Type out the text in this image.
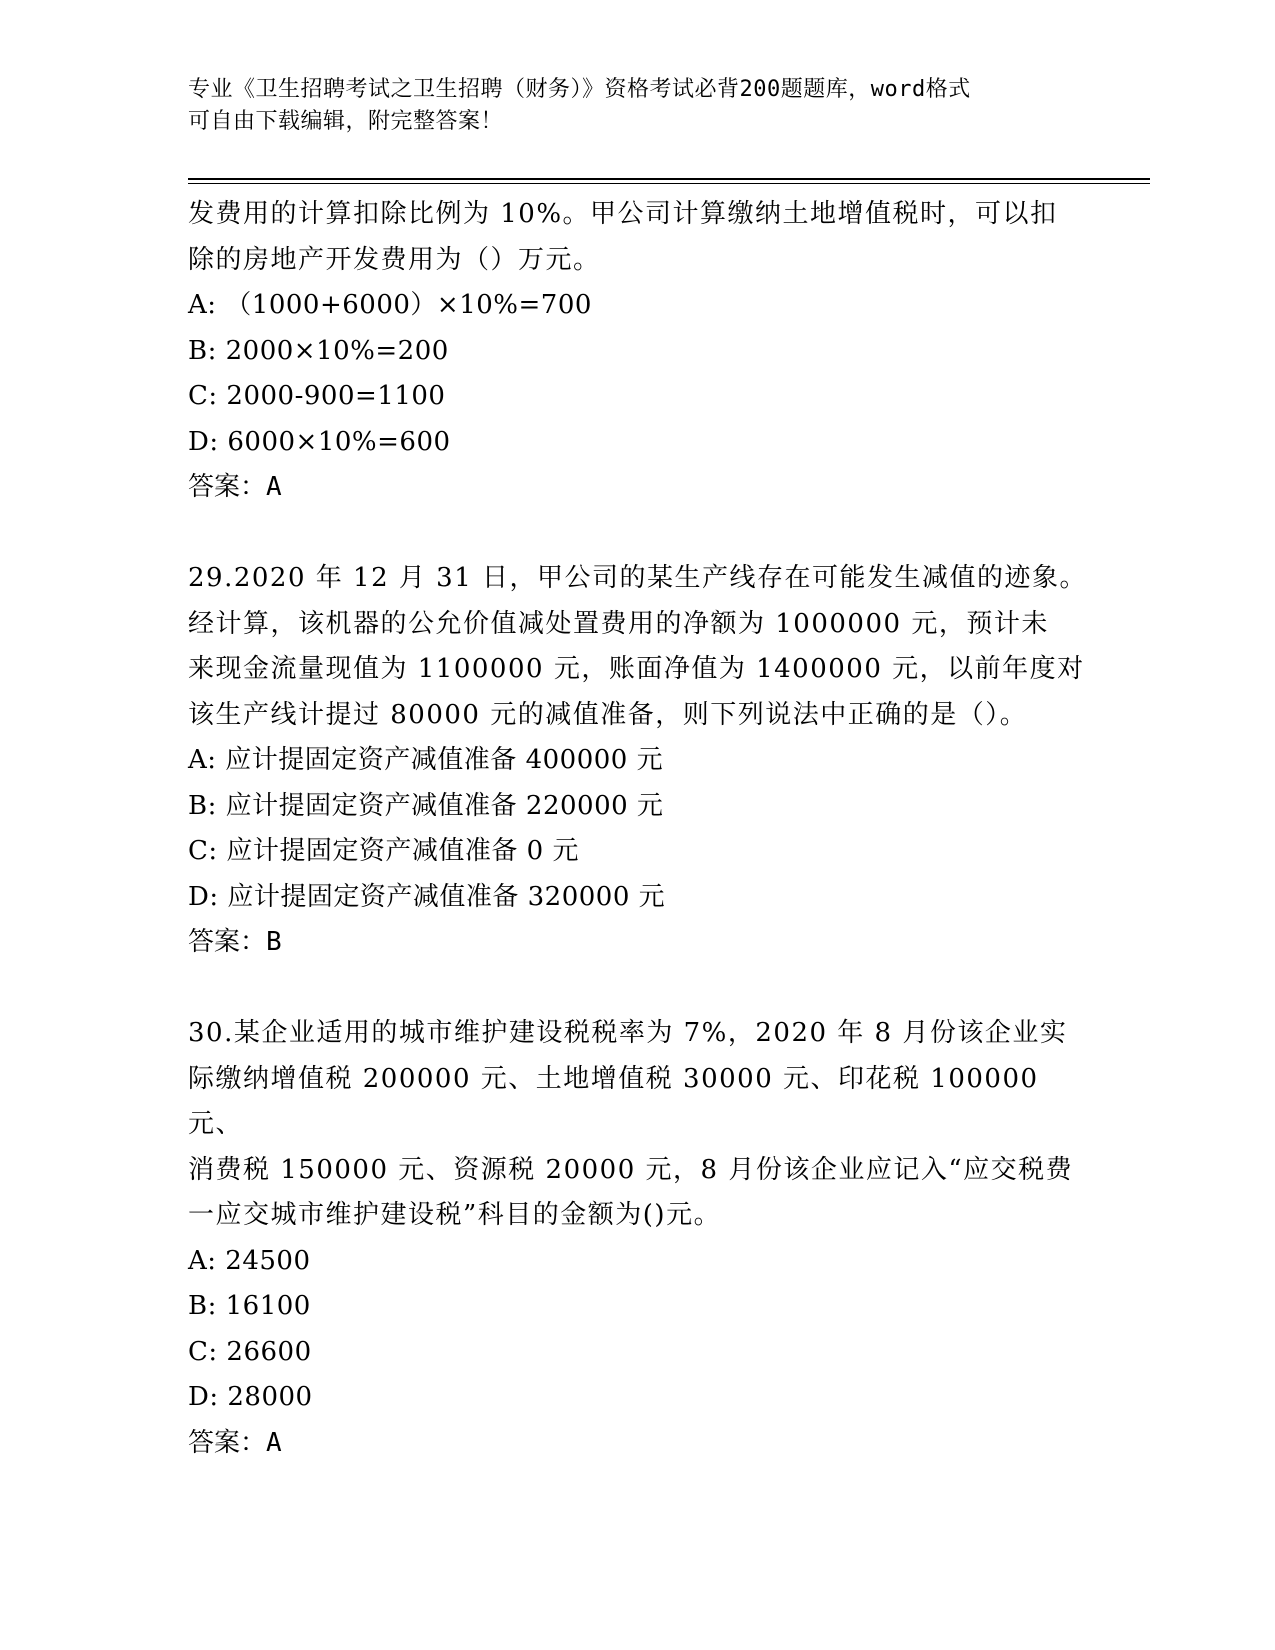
专业《卫生招聘考试之卫生招聘（财务）》资格考试必背200题题库，word格式
可自由下载编辑，附完整答案！
发费用的计算扣除比例为 10%。甲公司计算缴纳土地增值税时，可以扣
除的房地产开发费用为（）万元。
A: （1000+6000）×10%=700
B: 2000×10%=200
C: 2000-900=1100
D: 6000×10%=600
答案：A
29.2020 年 12 月 31 日，甲公司的某生产线存在可能发生减值的迹象。
经计算，该机器的公允价值减处置费用的净额为 1000000 元，预计未
来现金流量现值为 1100000 元，账面净值为 1400000 元，以前年度对
该生产线计提过 80000 元的减值准备，则下列说法中正确的是（）。
A: 应计提固定资产减值准备 400000 元
B: 应计提固定资产减值准备 220000 元
C: 应计提固定资产减值准备 0 元
D: 应计提固定资产减值准备 320000 元
答案：B
30.某企业适用的城市维护建设税税率为 7%，2020 年 8 月份该企业实
际缴纳增值税 200000 元、土地增值税 30000 元、印花税 100000 元、
消费税 150000 元、资源税 20000 元，8 月份该企业应记入“应交税费
一应交城市维护建设税”科目的金额为()元。
A: 24500
B: 16100
C: 26600
D: 28000
答案：A
